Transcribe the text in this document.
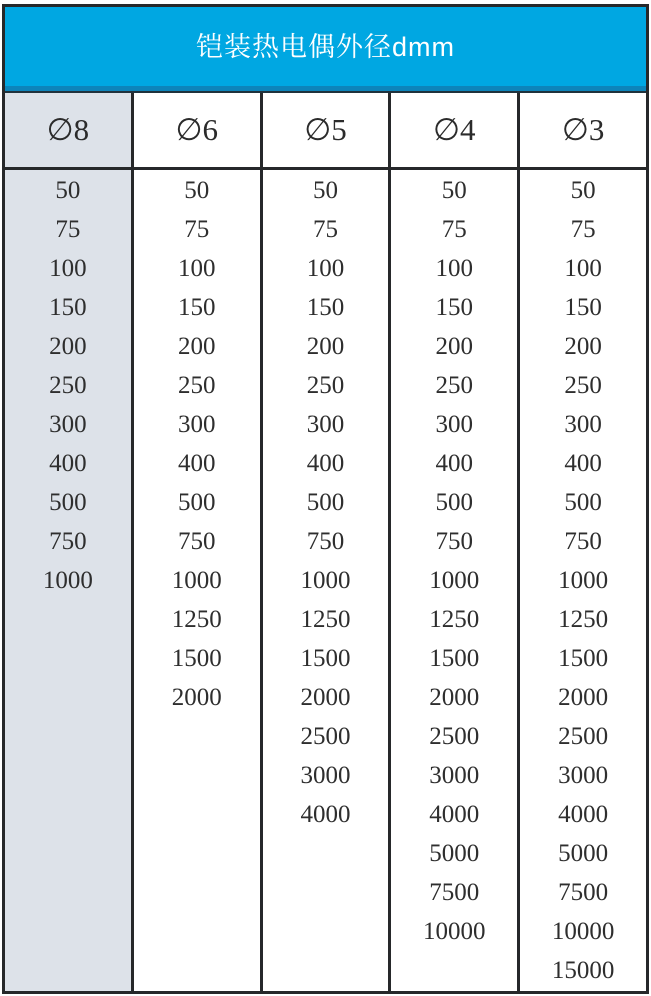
铠装热电偶外径dmm
∅8
50
75
100
150
200
250
300
400
500
750
1000
∅6
50
75
100
150
200
250
300
400
500
750
1000
1250
1500
2000
∅5
50
75
100
150
200
250
300
400
500
750
1000
1250
1500
2000
2500
3000
4000
∅4
50
75
100
150
200
250
300
400
500
750
1000
1250
1500
2000
2500
3000
4000
5000
7500
10000
∅3
50
75
100
150
200
250
300
400
500
750
1000
1250
1500
2000
2500
3000
4000
5000
7500
10000
15000
